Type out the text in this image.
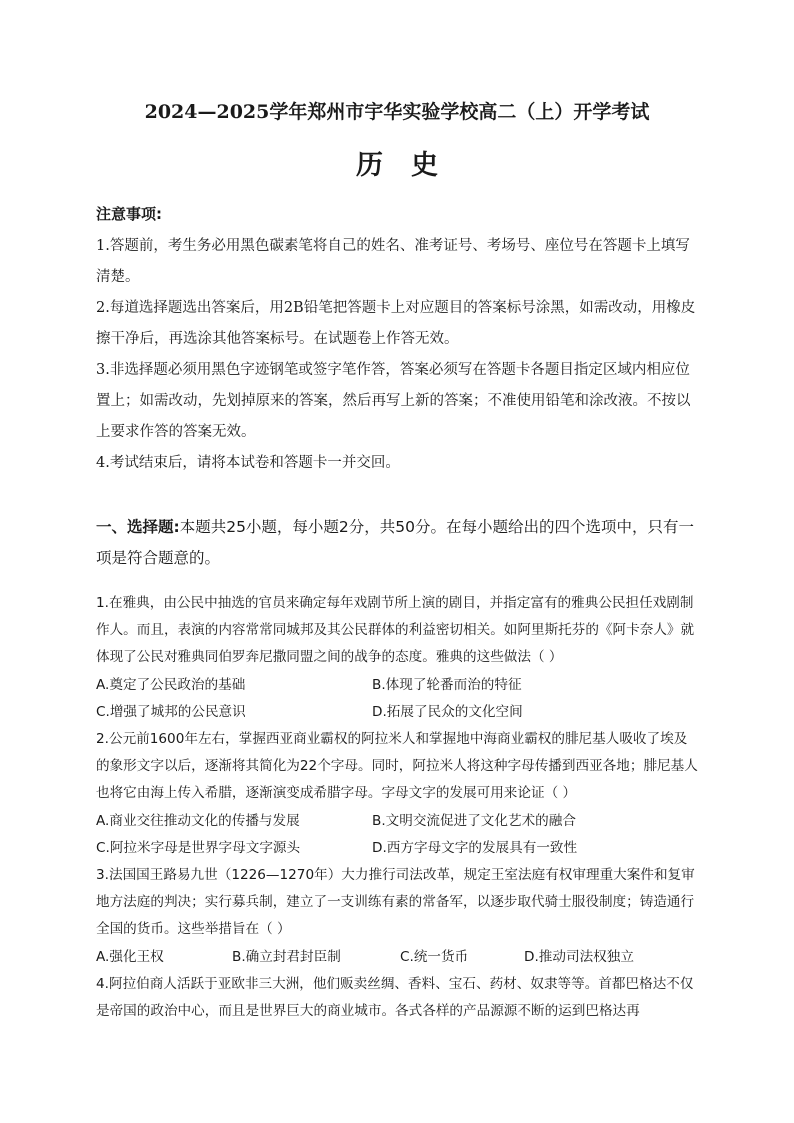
2024—2025学年郑州市宇华实验学校高二（上）开学考试
历史
注意事项:
1.答题前，考生务必用黑色碳素笔将自己的姓名、准考证号、考场号、座位号在答题卡上填写清楚。
2.每道选择题选出答案后，用2B铅笔把答题卡上对应题目的答案标号涂黑，如需改动，用橡皮擦干净后，再选涂其他答案标号。在试题卷上作答无效。
3.非选择题必须用黑色字迹钢笔或签字笔作答，答案必须写在答题卡各题目指定区域内相应位置上；如需改动，先划掉原来的答案，然后再写上新的答案；不准使用铅笔和涂改液。不按以上要求作答的答案无效。
4.考试结束后，请将本试卷和答题卡一并交回。
一、选择题:本题共25小题，每小题2分，共50分。在每小题给出的四个选项中，只有一项是符合题意的。
1.在雅典，由公民中抽选的官员来确定每年戏剧节所上演的剧目，并指定富有的雅典公民担任戏剧制作人。而且，表演的内容常常同城邦及其公民群体的利益密切相关。如阿里斯托芬的《阿卡奈人》就体现了公民对雅典同伯罗奔尼撒同盟之间的战争的态度。雅典的这些做法（ ）
A.奠定了公民政治的基础	B.体现了轮番而治的特征
C.增强了城邦的公民意识	D.拓展了民众的文化空间
2.公元前1600年左右，掌握西亚商业霸权的阿拉米人和掌握地中海商业霸权的腓尼基人吸收了埃及的象形文字以后，逐渐将其简化为22个字母。同时，阿拉米人将这种字母传播到西亚各地；腓尼基人也将它由海上传入希腊，逐渐演变成希腊字母。字母文字的发展可用来论证（ ）
A.商业交往推动文化的传播与发展	B.文明交流促进了文化艺术的融合
C.阿拉米字母是世界字母文字源头	D.西方字母文字的发展具有一致性
3.法国国王路易九世（1226—1270年）大力推行司法改革，规定王室法庭有权审理重大案件和复审地方法庭的判决；实行募兵制，建立了一支训练有素的常备军，以逐步取代骑士服役制度；铸造通行全国的货币。这些举措旨在（ ）
A.强化王权	B.确立封君封臣制	C.统一货币	D.推动司法权独立
4.阿拉伯商人活跃于亚欧非三大洲，他们贩卖丝绸、香料、宝石、药材、奴隶等等。首都巴格达不仅是帝国的政治中心，而且是世界巨大的商业城市。各式各样的产品源源不断的运到巴格达再
